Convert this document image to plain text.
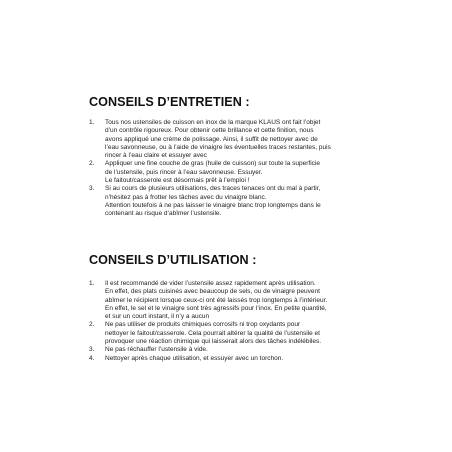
CONSEILS D’ENTRETIEN :
1. Tous nos ustensiles de cuisson en inox de la marque KLAUS ont fait l’objet
d’un contrôle rigoureux. Pour obtenir cette brillance et cette finition, nous
avons appliqué une crème de polissage. Ainsi, il suffit de nettoyer avec de
l’eau savonneuse, ou à l’aide de vinaigre les éventuelles traces restantes, puis
rincer à l’eau claire et essuyer avec
2. Appliquer une fine couche de gras (huile de cuisson) sur toute la superficie
de l’ustensile, puis rincer à l’eau savonneuse. Essuyer.
Le faitout/casserole est désormais prêt à l’emploi !
3. Si au cours de plusieurs utilisations, des traces tenaces ont du mal à partir,
n’hésitez pas à frotter les tâches avec du vinaigre blanc.
Attention toutefois à ne pas laisser le vinaigre blanc trop longtemps dans le
contenant au risque d’abîmer l’ustensile.
CONSEILS D’UTILISATION :
1. Il est recommandé de vider l’ustensile assez rapidement après utilisation.
En effet, des plats cuisinés avec beaucoup de sels, ou de vinaigre peuvent
abîmer le récipient lorsque ceux-ci ont été laissés trop longtemps à l’intérieur.
En effet, le sel et le vinaigre sont très agressifs pour l’inox. En petite quantité,
et sur un court instant, il n’y a aucun
2. Ne pas utiliser de produits chimiques corrosifs ni trop oxydants pour
nettoyer le faitout/casserole. Cela pourrait altérer la qualité de l’ustensile et
provoquer une réaction chimique qui laisserait alors des tâches indélébiles.
3. Ne pas réchauffer l’ustensile à vide.
4. Nettoyer après chaque utilisation, et essuyer avec un torchon.
